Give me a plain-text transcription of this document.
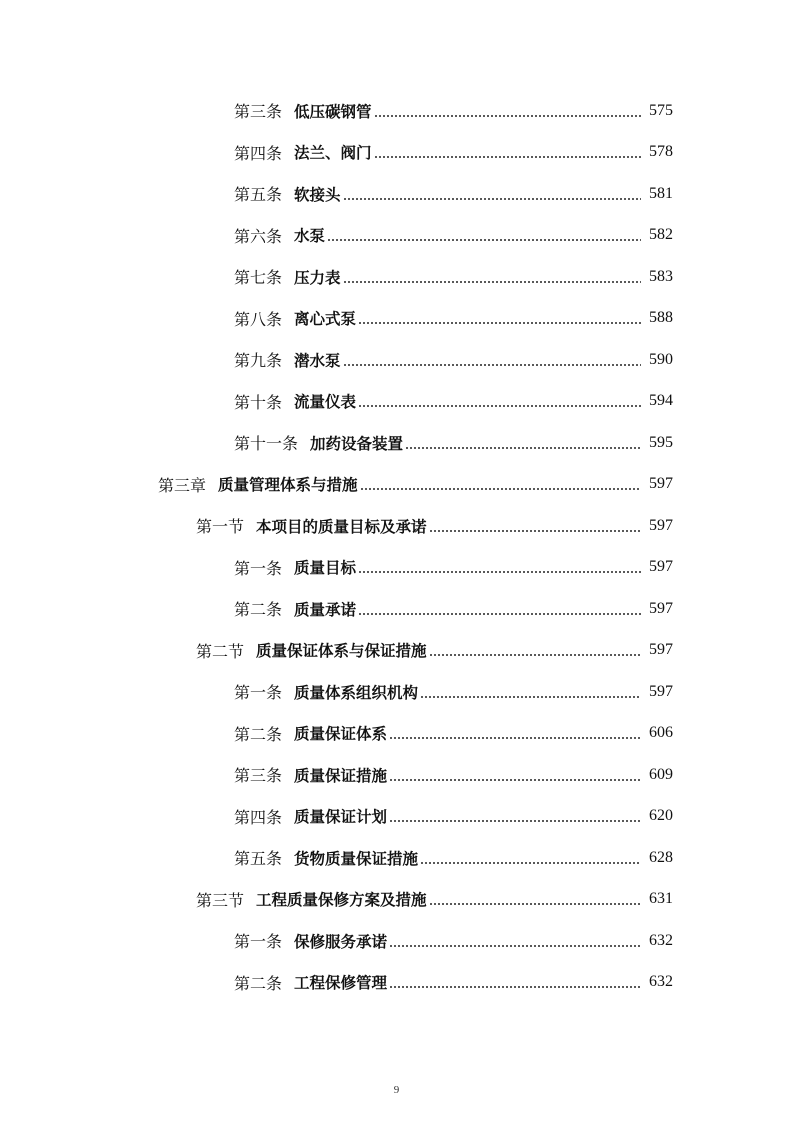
第三条 低压碳钢管	575
第四条 法兰、阀门	578
第五条 软接头	581
第六条 水泵	582
第七条 压力表	583
第八条 离心式泵	588
第九条 潜水泵	590
第十条 流量仪表	594
第十一条 加药设备装置	595
第三章 质量管理体系与措施	597
第一节 本项目的质量目标及承诺	597
第一条 质量目标	597
第二条 质量承诺	597
第二节 质量保证体系与保证措施	597
第一条 质量体系组织机构	597
第二条 质量保证体系	606
第三条 质量保证措施	609
第四条 质量保证计划	620
第五条 货物质量保证措施	628
第三节 工程质量保修方案及措施	631
第一条 保修服务承诺	632
第二条 工程保修管理	632
9
